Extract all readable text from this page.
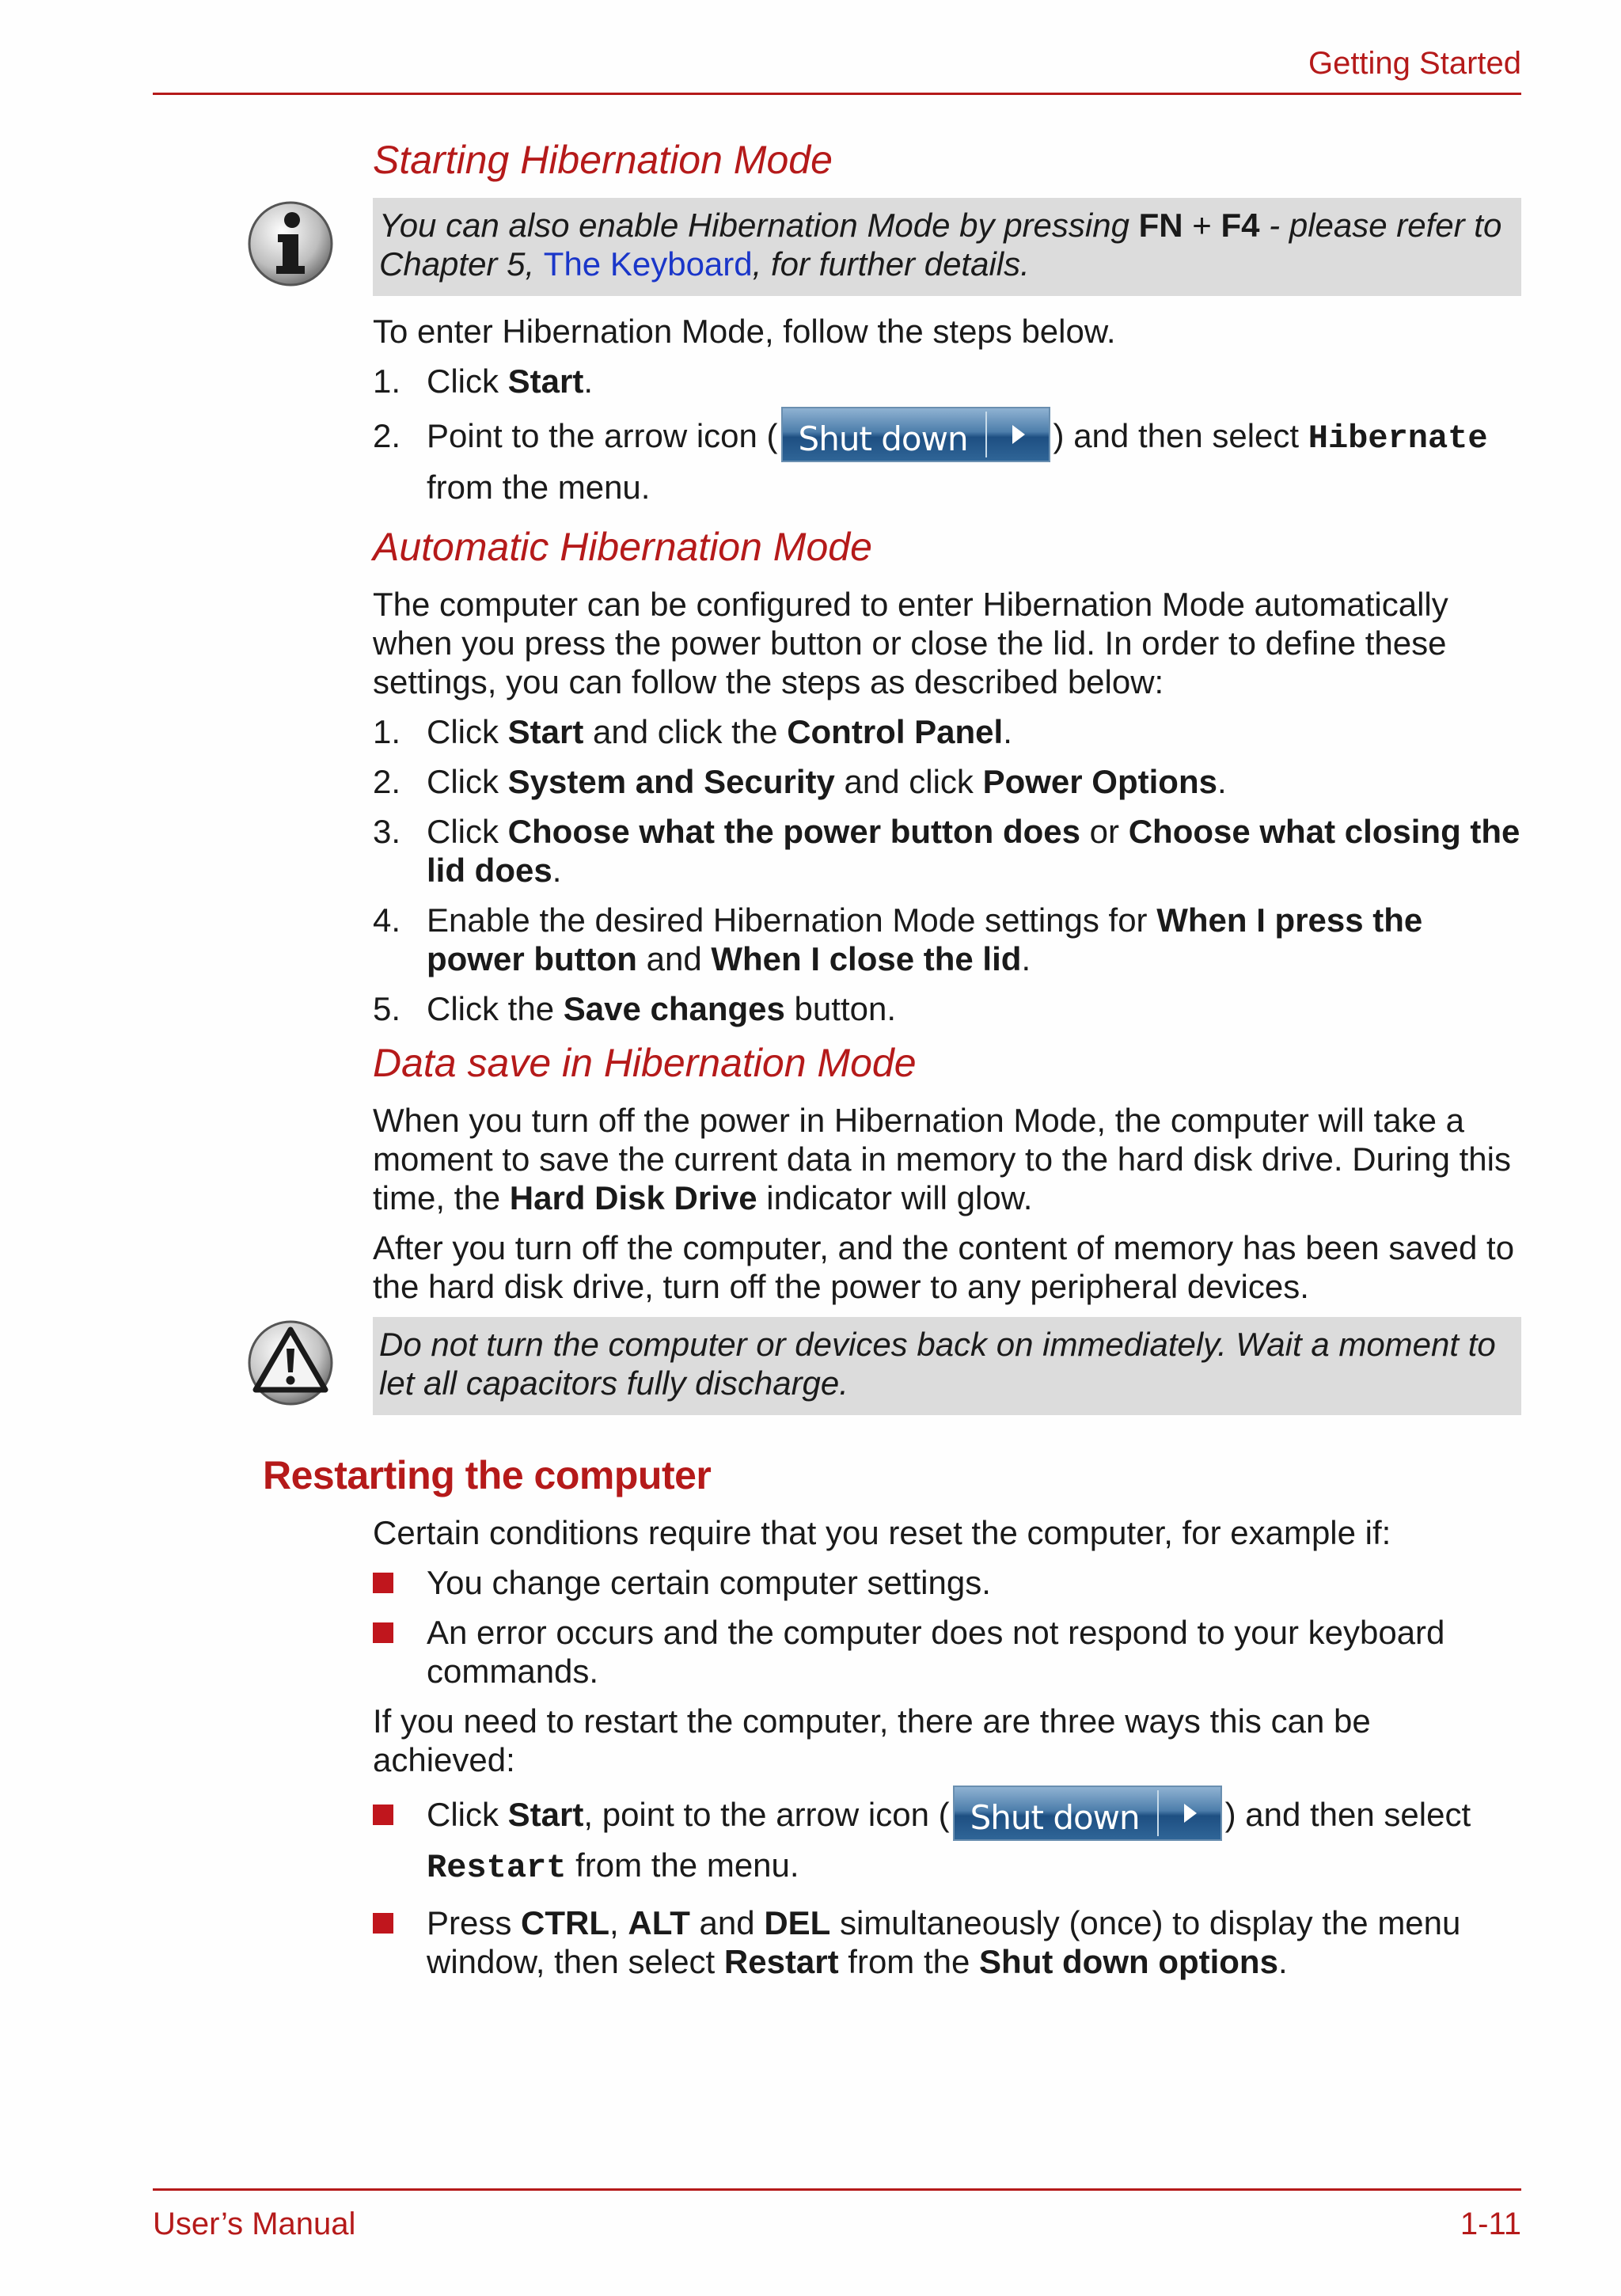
Getting Started
Starting Hibernation Mode
You can also enable Hibernation Mode by pressing FN + F4 - please refer to Chapter 5, The Keyboard, for further details.

To enter Hibernation Mode, follow the steps below.

1. Click Start.
2. Point to the arrow icon ( Shut down	) and then select Hibernate from the menu.
Automatic Hibernation Mode

The computer can be configured to enter Hibernation Mode automatically when you press the power button or close the lid. In order to define these settings, you can follow the steps as described below:

1. Click Start and click the Control Panel.
2. Click System and Security and click Power Options.
3. Click Choose what the power button does or Choose what closing the lid does.
4. Enable the desired Hibernation Mode settings for When I press the power button and When I close the lid.
5. Click the Save changes button.
Data save in Hibernation Mode

When you turn off the power in Hibernation Mode, the computer will take a moment to save the current data in memory to the hard disk drive. During this time, the Hard Disk Drive indicator will glow.

After you turn off the computer, and the content of memory has been saved to the hard disk drive, turn off the power to any peripheral devices.

Do not turn the computer or devices back on immediately. Wait a moment to let all capacitors fully discharge.
Restarting the computer

Certain conditions require that you reset the computer, for example if:

You change certain computer settings.
An error occurs and the computer does not respond to your keyboard commands.

If you need to restart the computer, there are three ways this can be achieved:

Click Start, point to the arrow icon ( Shut down	) and then select Restart from the menu.
Press CTRL, ALT and DEL simultaneously (once) to display the menu window, then select Restart from the Shut down options.
User’s Manual	1-11
